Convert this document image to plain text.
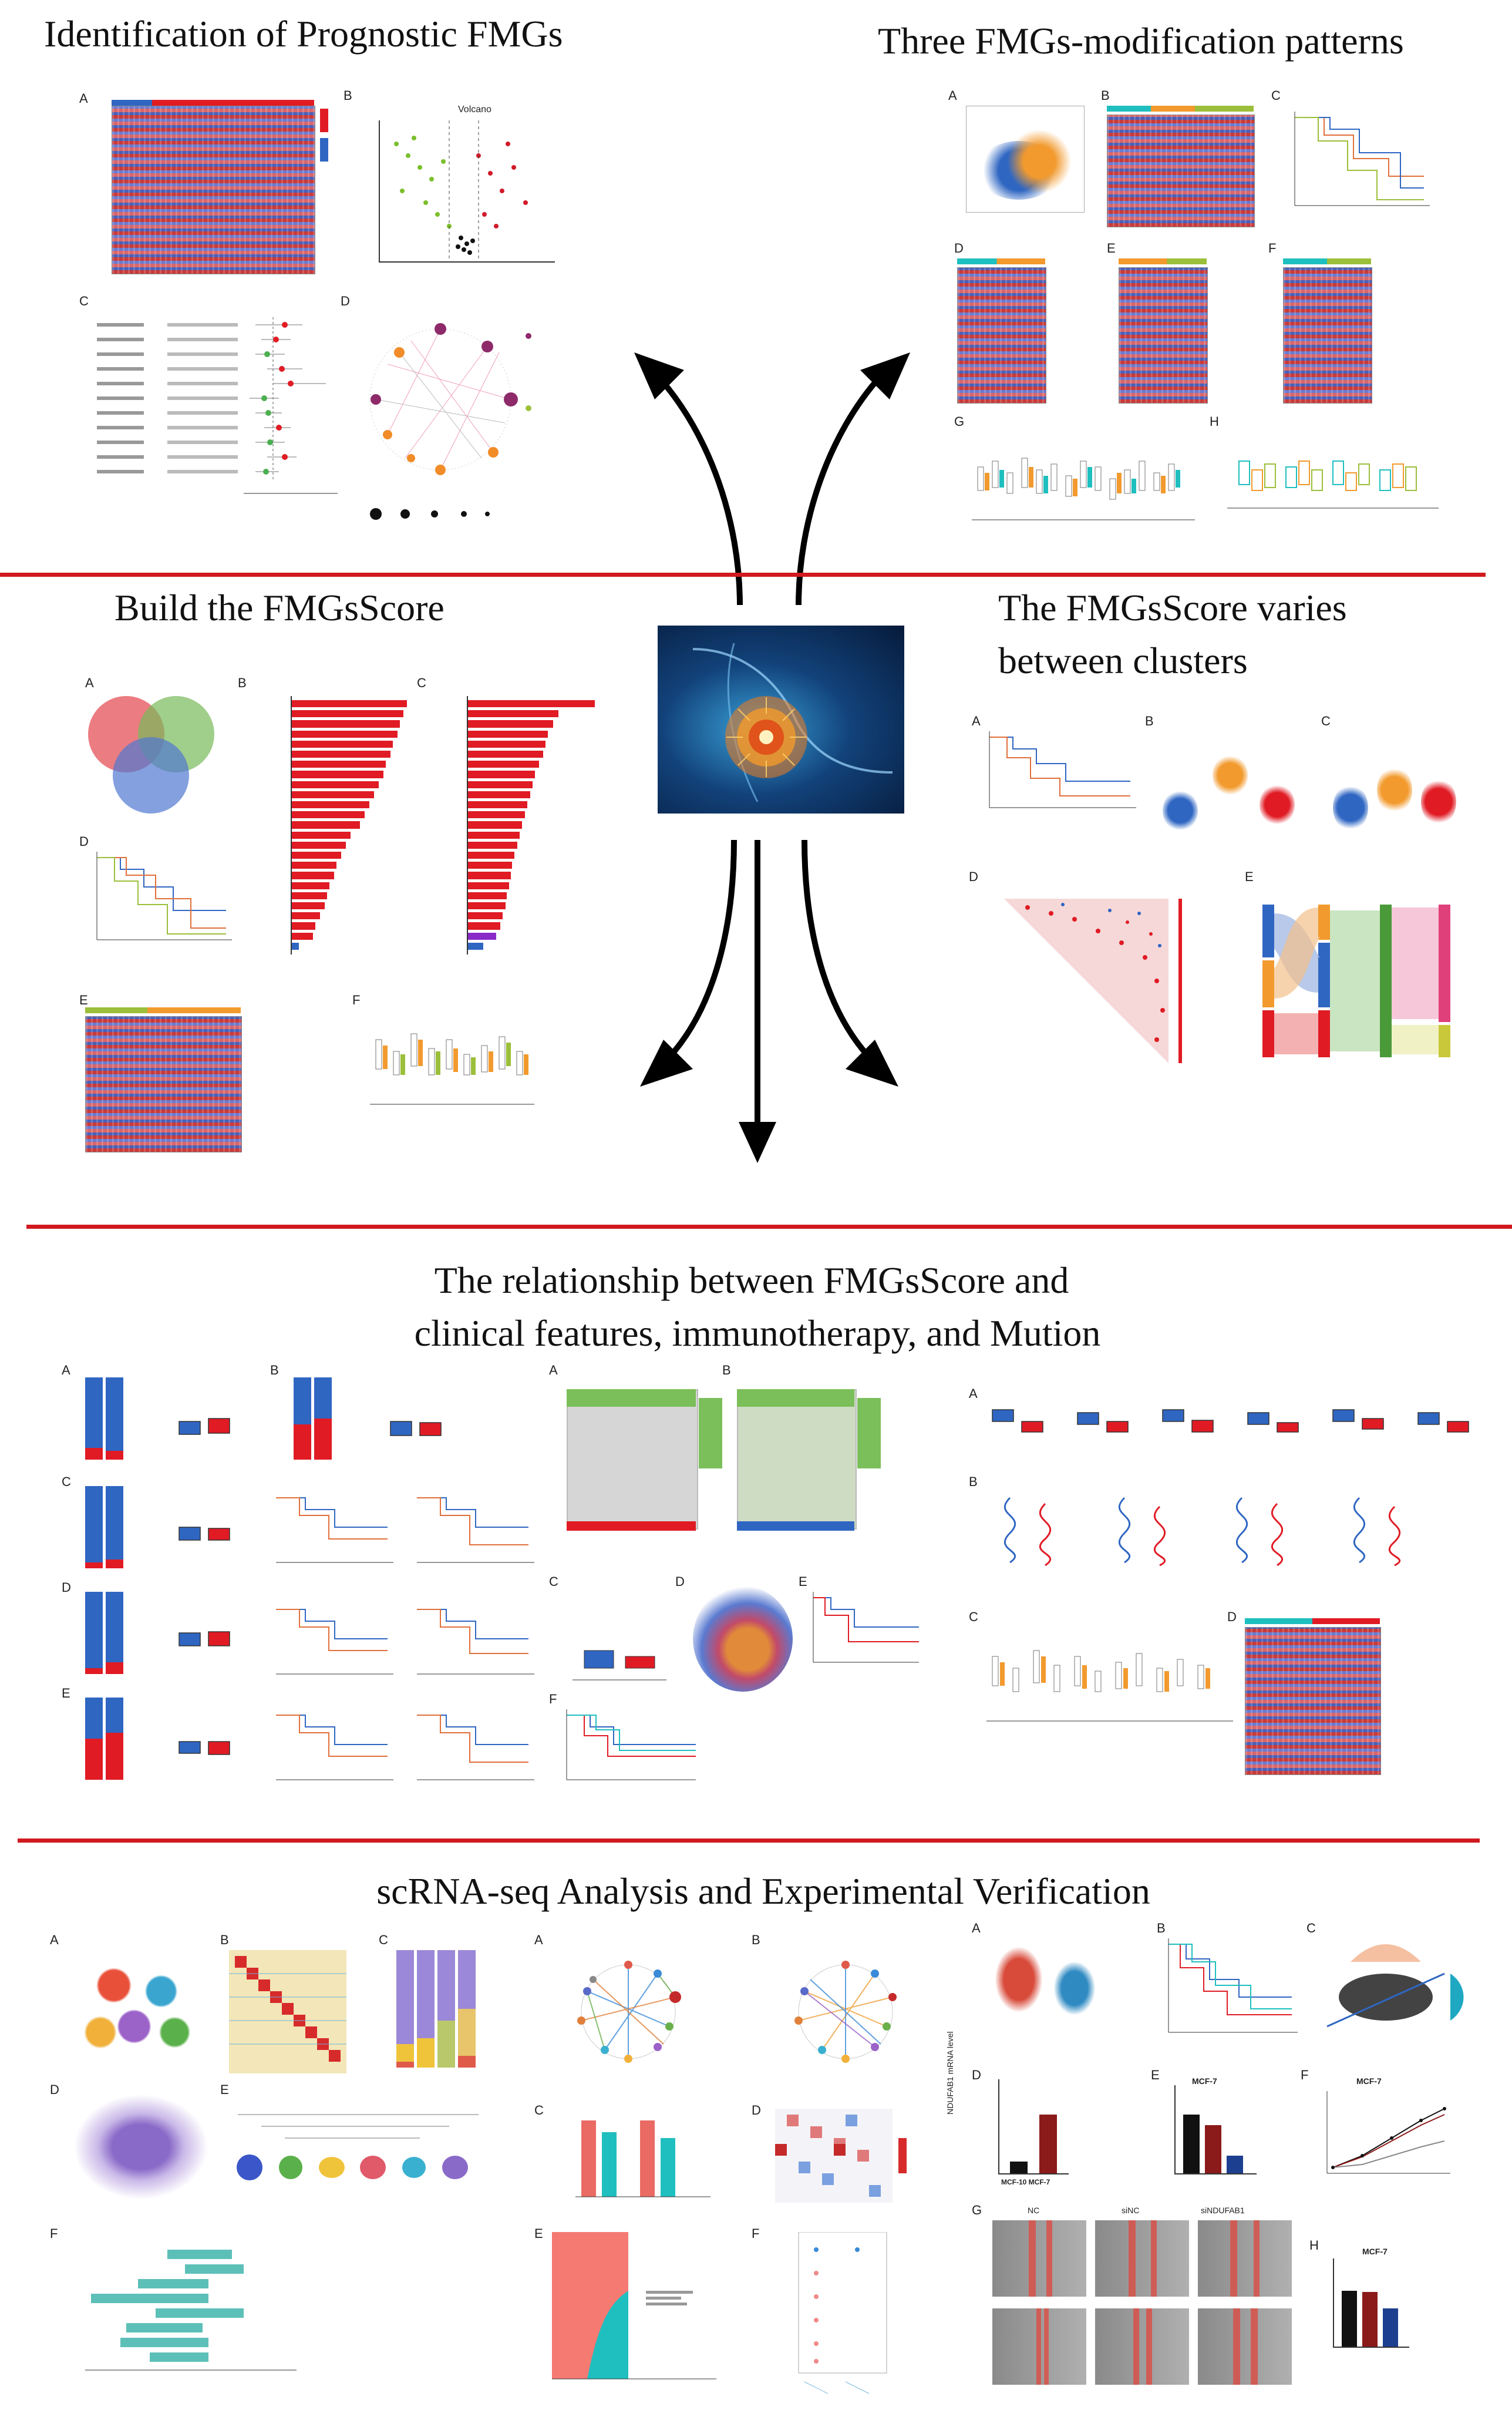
Identification of Prognostic FMGs	Three FMGs-modification patterns
A	B
Volcano
C	D
A	B	C
D	E	F
G	H
Build the FMGsScore	The FMGsScore varies
between clusters
A	B	C
D
E	F
A	B	C
D	E
The relationship between FMGsScore and
clinical features, immunotherapy, and Mution
A	B
C
D
E
A	B
C	D	E
F
A
B
C	D
scRNA-seq Analysis and Experimental Verification
A	B	C
D	E
F
A	B
C	D
E	F
A	B	C
D
NDUFAB1 mRNA level
MCF-10 MCF-7
E	MCF-7	F	MCF-7
G	NC	siNC	siNDUFAB1
H	MCF-7
